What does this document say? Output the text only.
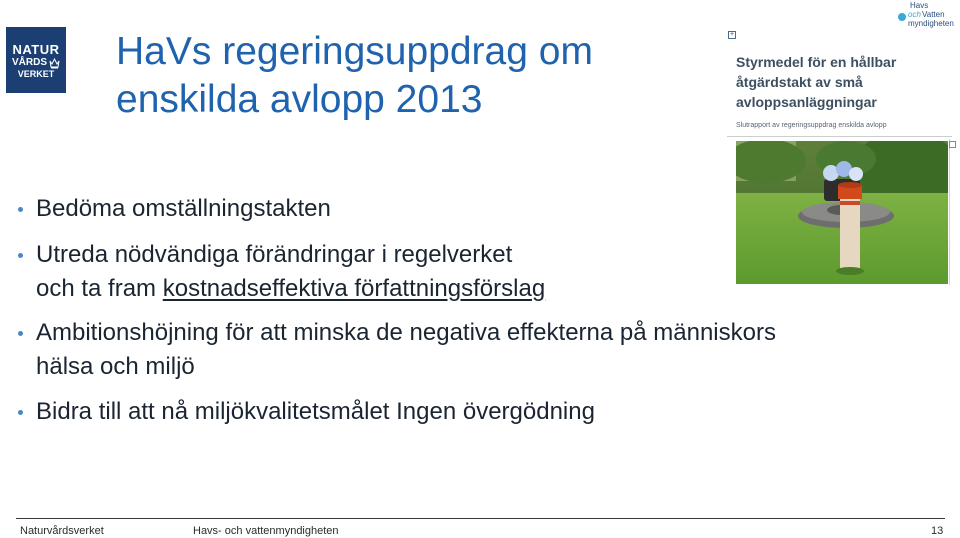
NATUR
VÅRDS
VERKET
HaVs regeringsuppdrag om
enskilda avlopp 2013
Havs
och Vatten
myndigheten
+
Styrmedel för en hållbar
åtgärdstakt av små
avloppsanläggningar
Slutrapport av regeringsuppdrag enskilda avlopp
Bedöma omställningstakten
Utreda nödvändiga förändringar i regelverket
och ta fram kostnadseffektiva författningsförslag
Ambitionshöjning för att minska de negativa effekterna på människors
hälsa och miljö
Bidra till att nå miljökvalitetsmålet Ingen övergödning
Naturvårdsverket	Havs- och vattenmyndigheten	13
